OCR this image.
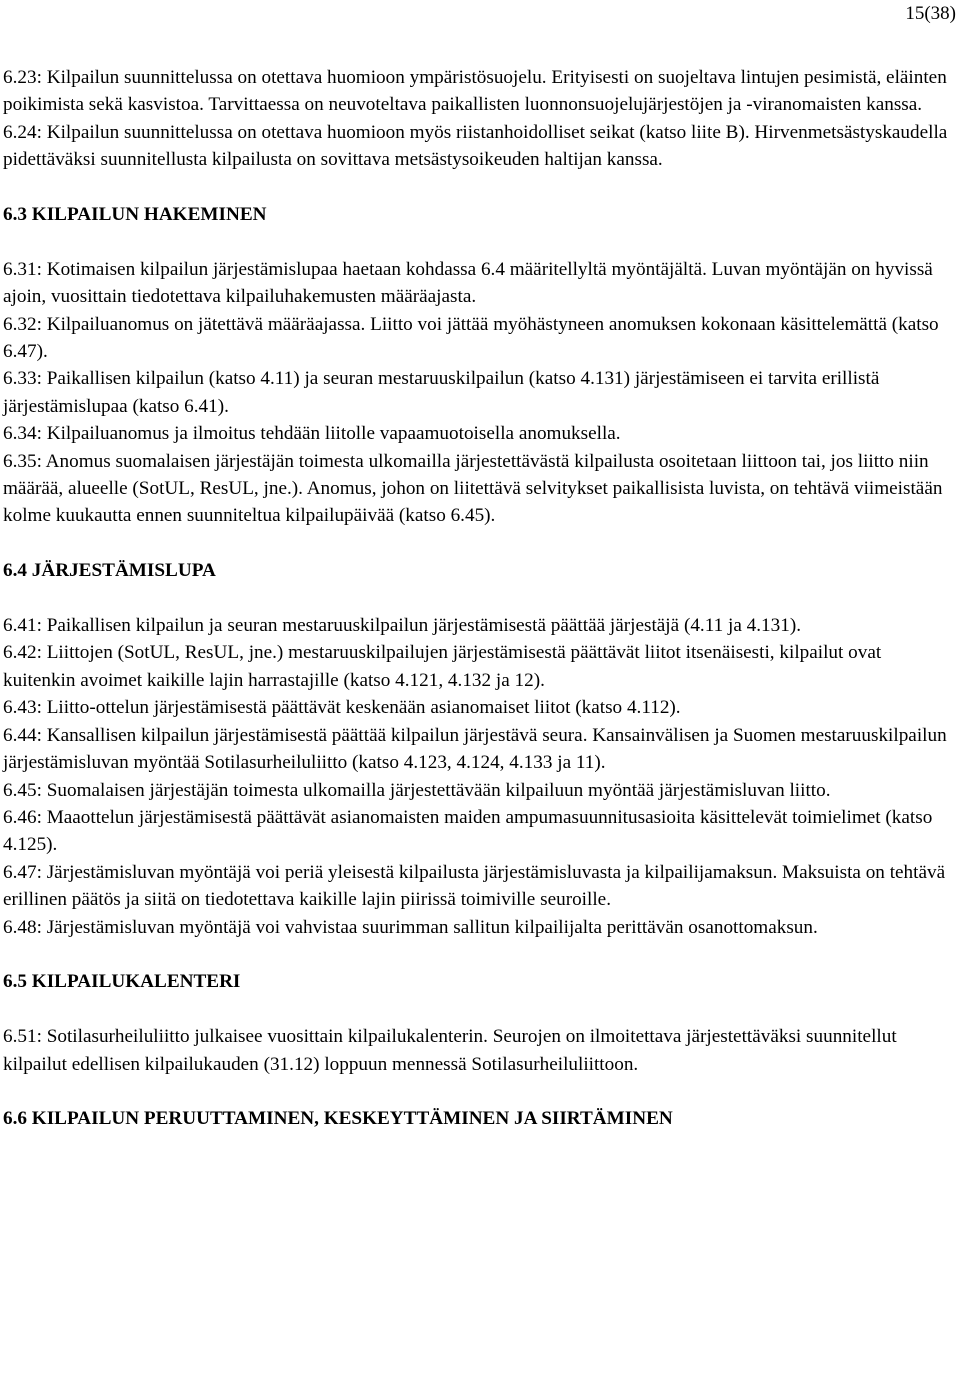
15(38)

6.23: Kilpailun suunnittelussa on otettava huomioon ympäristösuojelu. Erityisesti on suojeltava lintujen pesimistä, eläinten poikimista sekä kasvistoa. Tarvittaessa on neuvoteltava paikallisten luonnonsuojelujärjestöjen ja -viranomaisten kanssa.

6.24: Kilpailun suunnittelussa on otettava huomioon myös riistanhoidolliset seikat (katso liite B). Hirvenmetsästyskaudella pidettäväksi suunnitellusta kilpailusta on sovittava metsästysoikeuden haltijan kanssa.

6.3 KILPAILUN HAKEMINEN

6.31: Kotimaisen kilpailun järjestämislupaa haetaan kohdassa 6.4 määritellyltä myöntäjältä. Luvan myöntäjän on hyvissä ajoin, vuosittain tiedotettava kilpailuhakemusten määräajasta.

6.32: Kilpailuanomus on jätettävä määräajassa. Liitto voi jättää myöhästyneen anomuksen kokonaan käsittelemättä (katso 6.47).

6.33: Paikallisen kilpailun (katso 4.11) ja seuran mestaruuskilpailun (katso 4.131) järjestämiseen ei tarvita erillistä järjestämislupaa (katso 6.41).

6.34: Kilpailuanomus ja ilmoitus tehdään liitolle vapaamuotoisella anomuksella.

6.35: Anomus suomalaisen järjestäjän toimesta ulkomailla järjestettävästä kilpailusta osoitetaan liittoon tai, jos liitto niin määrää, alueelle (SotUL, ResUL, jne.). Anomus, johon on liitettävä selvitykset paikallisista luvista, on tehtävä viimeistään kolme kuukautta ennen suunniteltua kilpailupäivää (katso 6.45).

6.4 JÄRJESTÄMISLUPA

6.41: Paikallisen kilpailun ja seuran mestaruuskilpailun järjestämisestä päättää järjestäjä (4.11 ja 4.131).

6.42: Liittojen (SotUL, ResUL, jne.) mestaruuskilpailujen järjestämisestä päättävät liitot itsenäisesti, kilpailut ovat kuitenkin avoimet kaikille lajin harrastajille (katso 4.121, 4.132 ja 12).

6.43: Liitto-ottelun järjestämisestä päättävät keskenään asianomaiset liitot (katso 4.112).

6.44: Kansallisen kilpailun järjestämisestä päättää kilpailun järjestävä seura. Kansainvälisen ja Suomen mestaruuskilpailun järjestämisluvan myöntää Sotilasurheiluliitto (katso 4.123, 4.124, 4.133 ja 11).

6.45: Suomalaisen järjestäjän toimesta ulkomailla järjestettävään kilpailuun myöntää järjestämisluvan liitto.

6.46: Maaottelun järjestämisestä päättävät asianomaisten maiden ampumasuunnitusasioita käsittelevät toimielimet (katso 4.125).

6.47: Järjestämisluvan myöntäjä voi periä yleisestä kilpailusta järjestämisluvasta ja kilpailijamaksun. Maksuista on tehtävä erillinen päätös ja siitä on tiedotettava kaikille lajin piirissä toimiville seuroille.

6.48: Järjestämisluvan myöntäjä voi vahvistaa suurimman sallitun kilpailijalta perittävän osanottomaksun.

6.5 KILPAILUKALENTERI

6.51: Sotilasurheiluliitto julkaisee vuosittain kilpailukalenterin. Seurojen on ilmoitettava järjestettäväksi suunnitellut kilpailut edellisen kilpailukauden (31.12) loppuun mennessä Sotilasurheiluliittoon.

6.6 KILPAILUN PERUUTTAMINEN, KESKEYTTÄMINEN JA SIIRTÄMINEN
